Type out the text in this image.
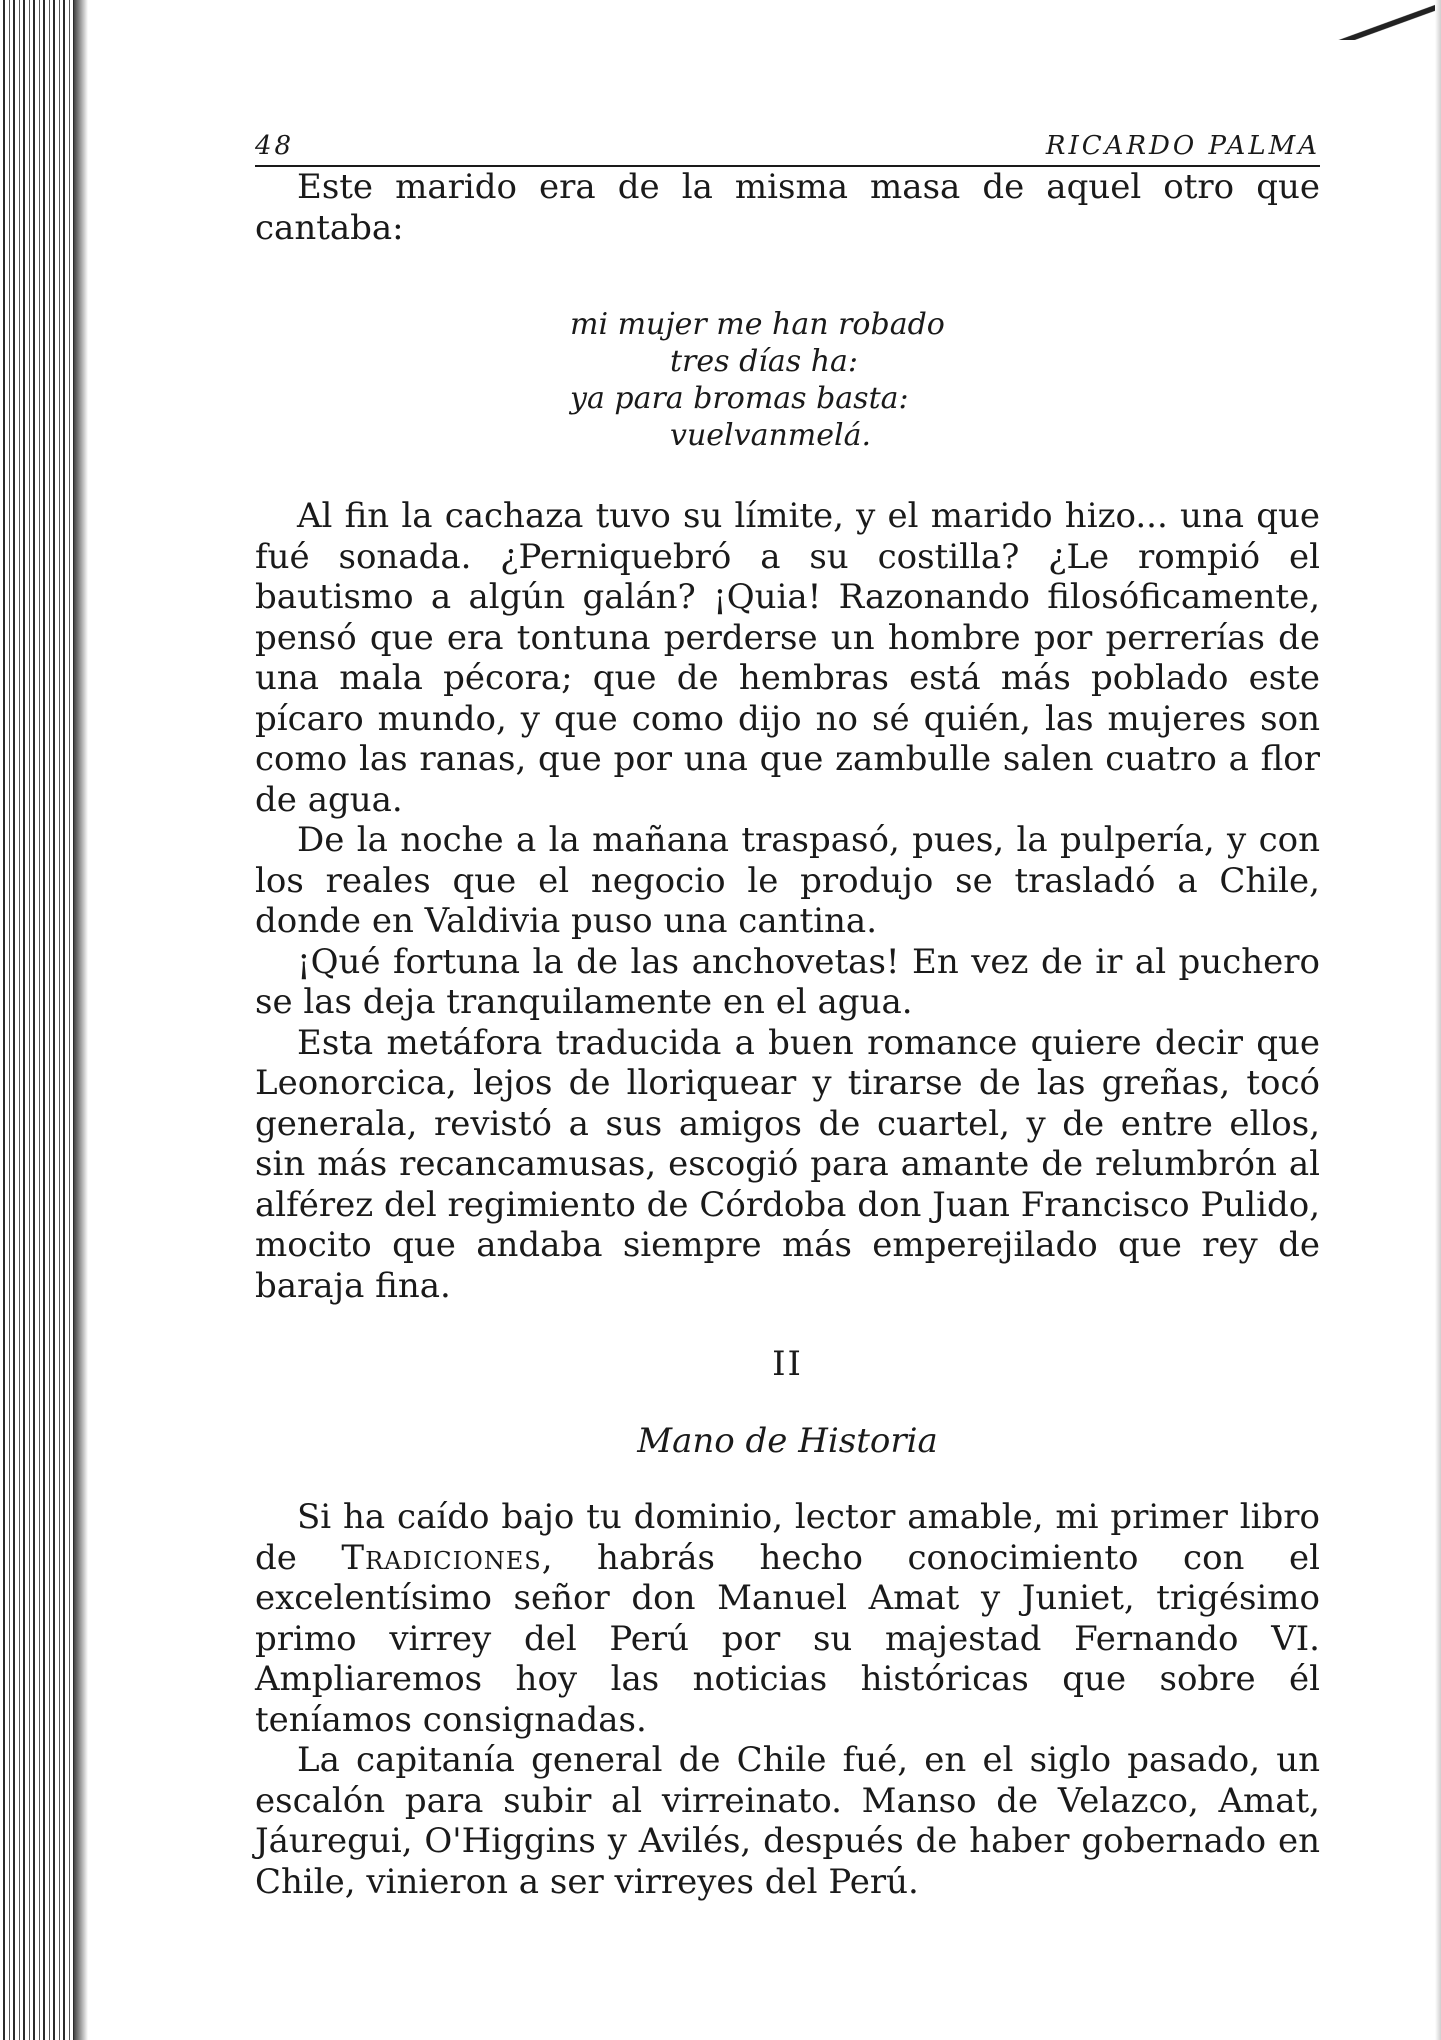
48	RICARDO PALMA

Este marido era de la misma masa de aquel otro que cantaba:

mi mujer me han robado
tres días ha:
ya para bromas basta:
vuelvanmelá.

Al fin la cachaza tuvo su límite, y el marido hizo... una que fué sonada. ¿Perniquebró a su costilla? ¿Le rompió el bautismo a algún galán? ¡Quia! Razonando filosóficamente, pensó que era tontuna perderse un hombre por perrerías de una mala pécora; que de hembras está más poblado este pícaro mundo, y que como dijo no sé quién, las mujeres son como las ranas, que por una que zambulle salen cuatro a flor de agua.

De la noche a la mañana traspasó, pues, la pulpería, y con los reales que el negocio le produjo se trasladó a Chile, donde en Valdivia puso una cantina.

¡Qué fortuna la de las anchovetas! En vez de ir al puchero se las deja tranquilamente en el agua.

Esta metáfora traducida a buen romance quiere decir que Leonorcica, lejos de lloriquear y tirarse de las greñas, tocó generala, revistó a sus amigos de cuartel, y de entre ellos, sin más recancamusas, escogió para amante de relumbrón al alférez del regimiento de Córdoba don Juan Francisco Pulido, mocito que andaba siempre más emperejilado que rey de baraja fina.

II
Mano de Historia

Si ha caído bajo tu dominio, lector amable, mi primer libro de Tradiciones, habrás hecho conocimiento con el excelentísimo señor don Manuel Amat y Juniet, trigésimo primo virrey del Perú por su majestad Fernando VI. Ampliaremos hoy las noticias históricas que sobre él teníamos consignadas.

La capitanía general de Chile fué, en el siglo pasado, un escalón para subir al virreinato. Manso de Velazco, Amat, Jáuregui, O'Higgins y Avilés, después de haber gobernado en Chile, vinieron a ser virreyes del Perú.
